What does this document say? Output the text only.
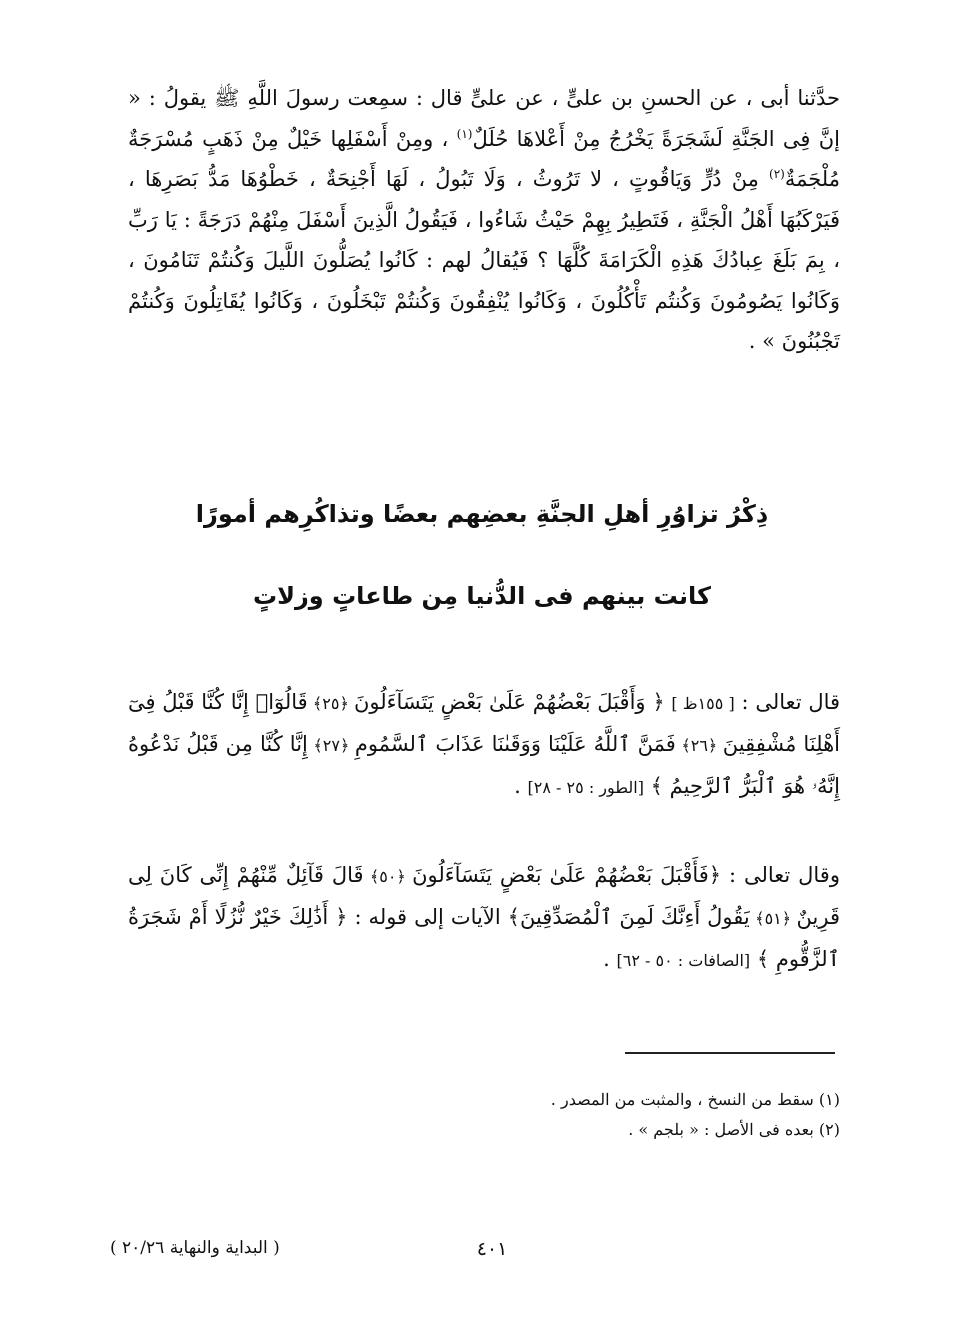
حدَّثنا أبى ، عن الحسنِ بن علىٍّ ، عن علىٍّ قال : سمِعت رسولَ اللَّهِ ﷺ يقولُ : « إنَّ فِى الجَنَّةِ لَشَجَرَةً يَخْرُجُ مِنْ أَعْلاهَا حُلَلٌ$^{(١)}$ ، ومِنْ أَسْفَلِها خَيْلٌ مِنْ ذَهَبٍ مُسْرَجَةٌ مُلْجَمَةٌ$^{(٢)}$ مِنْ دُرٍّ وَيَاقُوتٍ ، لا تَرُوثُ ، وَلَا تَبُولُ ، لَهَا أَجْنِحَةٌ ، خَطْوُهَا مَدُّ بَصَرِهَا ، فَيَرْكَبُهَا أَهْلُ الْجَنَّةِ ، فَتَطِيرُ بِهِمْ حَيْثُ شَاءُوا ، فَيَقُولُ الَّذِينَ أَسْفَلَ مِنْهُمْ دَرَجَةً : يَا رَبِّ ، بِمَ بَلَغَ عِبادُكَ هَذِهِ الْكَرَامَةَ كُلَّهَا ؟ فَيُقالُ لهم : كَانُوا يُصَلُّونَ اللَّيلَ وَكُنتُمْ تَنَامُونَ ، وَكَانُوا يَصُومُونَ وَكُنتُم تَأْكُلُونَ ، وَكَانُوا يُنْفِقُونَ وَكُنتُمْ تَبْخَلُونَ ، وَكَانُوا يُقَاتِلُونَ وَكُنتُمْ تَجْبُنُونَ » .

ذِكْرُ تزاوُرِ أهلِ الجنَّةِ بعضِهم بعضًا وتذاكُرِهم أمورًا
كانت بينهم فى الدُّنيا مِن طاعاتٍ وزلاتٍ

قال تعالى : [ ١٥٥ظ ] ﴿ وَأَقْبَلَ بَعْضُهُمْ عَلَىٰ بَعْضٍ يَتَسَآءَلُونَ ﴿٢٥﴾ قَالُوٓا۟ إِنَّا كُنَّا قَبْلُ فِىٓ أَهْلِنَا مُشْفِقِينَ ﴿٢٦﴾ فَمَنَّ ٱللَّهُ عَلَيْنَا وَوَقَىٰنَا عَذَابَ ٱلسَّمُومِ ﴿٢٧﴾ إِنَّا كُنَّا مِن قَبْلُ نَدْعُوهُ إِنَّهُۥ هُوَ ٱلْبَرُّ ٱلرَّحِيمُ ﴾ [الطور : ٢٥ - ٢٨] .

وقال تعالى : ﴿فَأَقْبَلَ بَعْضُهُمْ عَلَىٰ بَعْضٍ يَتَسَآءَلُونَ ﴿٥٠﴾ قَالَ قَآئِلٌ مِّنْهُمْ إِنِّى كَانَ لِى قَرِينٌ ﴿٥١﴾ يَقُولُ أَءِنَّكَ لَمِنَ ٱلْمُصَدِّقِينَ﴾ الآيات إلى قوله : ﴿ أَذَٰلِكَ خَيْرٌ نُّزُلًا أَمْ شَجَرَةُ ٱلزَّقُّومِ ﴾ [الصافات : ٥٠ - ٦٢] .

(١) سقط من النسخ ، والمثبت من المصدر .
(٢) بعده فى الأصل : « بلجم » .
٤٠١
( البداية والنهاية ٢٠/٢٦ )
